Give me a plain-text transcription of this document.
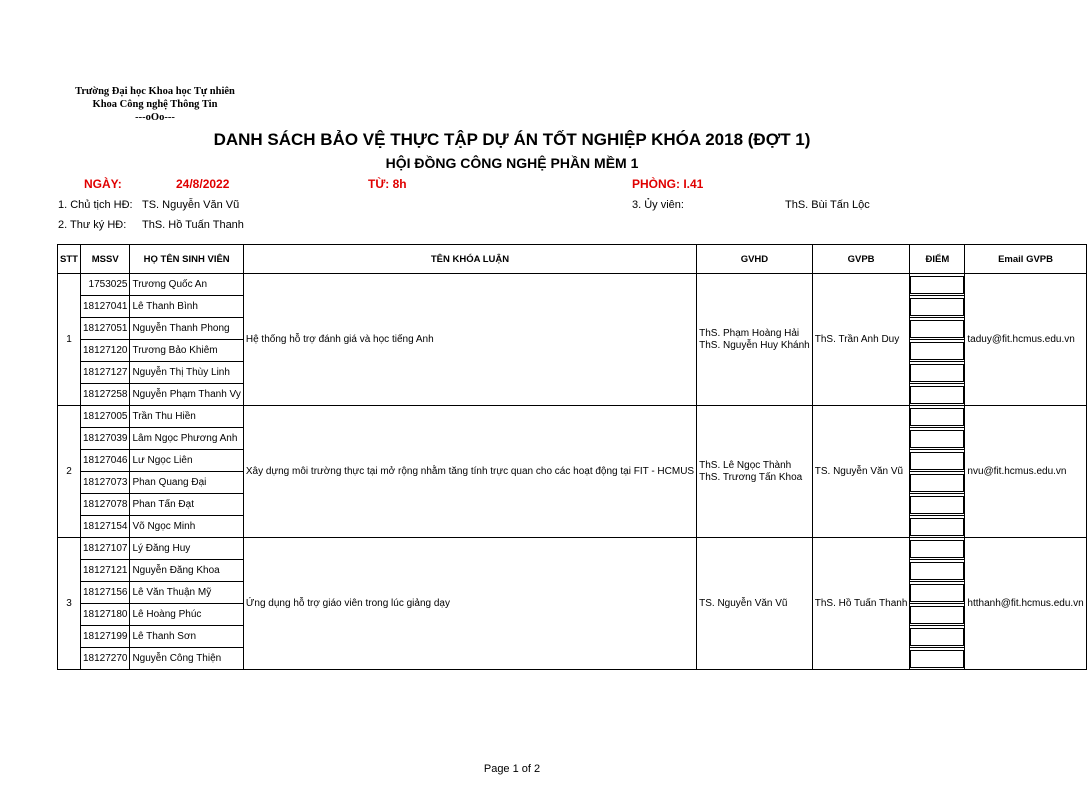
Trường Đại học Khoa học Tự nhiên
Khoa Công nghệ Thông Tin
---oOo---
DANH SÁCH BẢO VỆ THỰC TẬP DỰ ÁN TỐT NGHIỆP KHÓA 2018 (ĐỢT 1)
HỘI ĐỒNG CÔNG NGHỆ PHẦN MỀM 1
NGÀY:	24/8/2022	TỪ: 8h	PHÒNG: I.41
1. Chủ tịch HĐ: TS. Nguyễn Văn Vũ	3. Ủy viên:	ThS. Bùi Tấn Lộc
2. Thư ký HĐ: ThS. Hồ Tuấn Thanh
STT	MSSV	HỌ TÊN SINH VIÊN	TÊN KHÓA LUẬN	GVHD	GVPB	ĐIỂM	Email GVPB
1	1753025	Trương Quốc An	Hệ thống hỗ trợ đánh giá và học tiếng Anh	ThS. Phạm Hoàng Hải
ThS. Nguyễn Huy Khánh	ThS. Trần Anh Duy		taduy@fit.hcmus.edu.vn
	18127041	Lê Thanh Bình					

	18127051	Nguyễn Thanh Phong					

	18127120	Trương Bảo Khiêm					

	18127127	Nguyễn Thị Thùy Linh					

	18127258	Nguyễn Phạm Thanh Vy					

2	18127005	Trần Thu Hiền	Xây dựng môi trường thực tại mở rộng nhằm tăng tính trực quan cho các hoạt động tại FIT - HCMUS	ThS. Lê Ngọc Thành
ThS. Trương Tấn Khoa	TS. Nguyễn Văn Vũ		nvu@fit.hcmus.edu.vn
	18127039	Lâm Ngọc Phương Anh					

	18127046	Lư Ngọc Liên					

	18127073	Phan Quang Đại					

	18127078	Phan Tấn Đạt					

	18127154	Võ Ngọc Minh					

3	18127107	Lý Đăng Huy	Ứng dụng hỗ trợ giáo viên trong lúc giảng dạy	TS. Nguyễn Văn Vũ	ThS. Hồ Tuấn Thanh		htthanh@fit.hcmus.edu.vn
	18127121	Nguyễn Đăng Khoa					

	18127156	Lê Văn Thuận Mỹ					

	18127180	Lê Hoàng Phúc					

	18127199	Lê Thanh Sơn					

	18127270	Nguyễn Công Thiện					
Page 1 of 2
